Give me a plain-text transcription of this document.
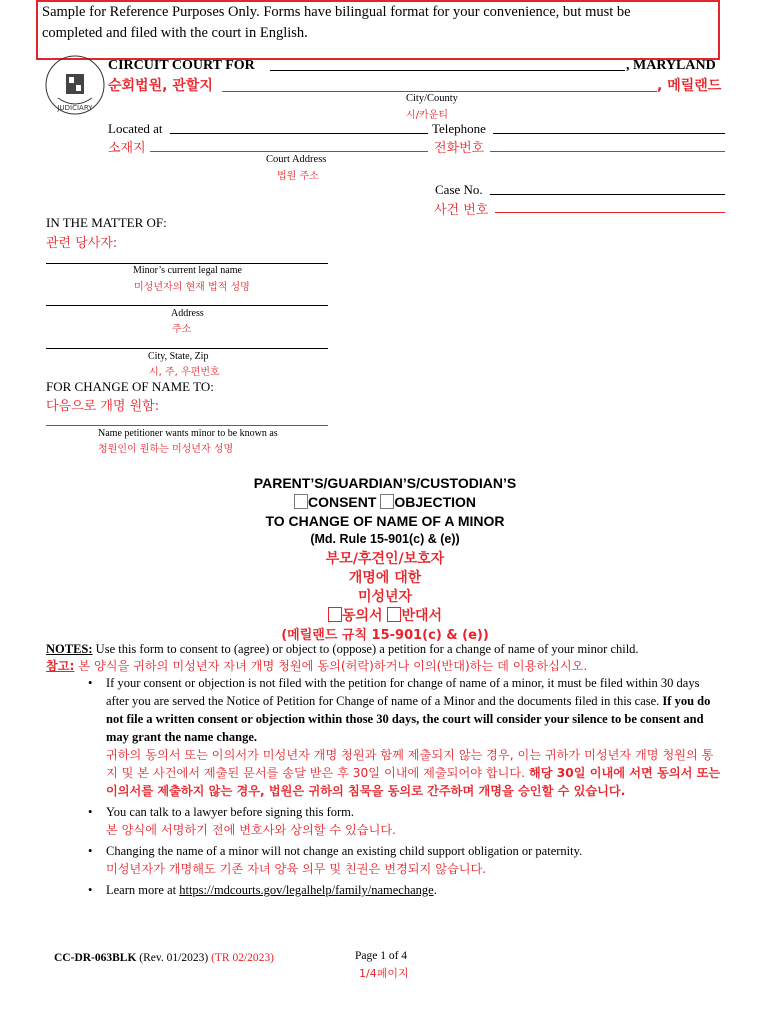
Sample for Reference Purposes Only. Forms have bilingual format for your convenience, but must be
completed and filed with the court in English.
JUDICIARY
CIRCUIT COURT FOR	, MARYLAND
순회법원, 관할지	, 메릴랜드
City/County
시/카운티
Located at	Telephone
소재지	전화번호
Court Address
법원 주소
Case No.
사건 번호
IN THE MATTER OF:
관련 당사자:
Minor’s current legal name
미성년자의 현재 법적 성명
Address
주소
City, State, Zip
시, 주, 우편번호
FOR CHANGE OF NAME TO:
다음으로 개명 원함:
Name petitioner wants minor to be known as
청원인이 원하는 미성년자 성명
PARENT’S/GUARDIAN’S/CUSTODIAN’S
CONSENT OBJECTION
TO CHANGE OF NAME OF A MINOR
(Md. Rule 15-901(c) & (e))
부모/후견인/보호자
개명에 대한
미성년자
동의서 반대서
(메릴랜드 규칙 15-901(c) & (e))
NOTES: Use this form to consent to (agree) or object to (oppose) a petition for a change of name of your minor child.
참고: 본 양식을 귀하의 미성년자 자녀 개명 청원에 동의(허락)하거나 이의(반대)하는 데 이용하십시오.
• If your consent or objection is not filed with the petition for change of name of a minor, it must be filed within 30 days after you are served the Notice of Petition for Change of name of a Minor and the documents filed in this case. If you do not file a written consent or objection within those 30 days, the court will consider your silence to be consent and may grant the name change.
귀하의 동의서 또는 이의서가 미성년자 개명 청원과 함께 제출되지 않는 경우, 이는 귀하가 미성년자 개명 청원의 통지 및 본 사건에서 제출된 문서를 송달 받은 후 30일 이내에 제출되어야 합니다. 해당 30일 이내에 서면 동의서 또는 이의서를 제출하지 않는 경우, 법원은 귀하의 침묵을 동의로 간주하며 개명을 승인할 수 있습니다.
• You can talk to a lawyer before signing this form.
본 양식에 서명하기 전에 변호사와 상의할 수 있습니다.
• Changing the name of a minor will not change an existing child support obligation or paternity.
미성년자가 개명해도 기존 자녀 양육 의무 및 친권은 변경되지 않습니다.
• Learn more at https://mdcourts.gov/legalhelp/family/namechange.
CC-DR-063BLK (Rev. 01/2023) (TR 02/2023)	Page 1 of 4
1/4페이지
